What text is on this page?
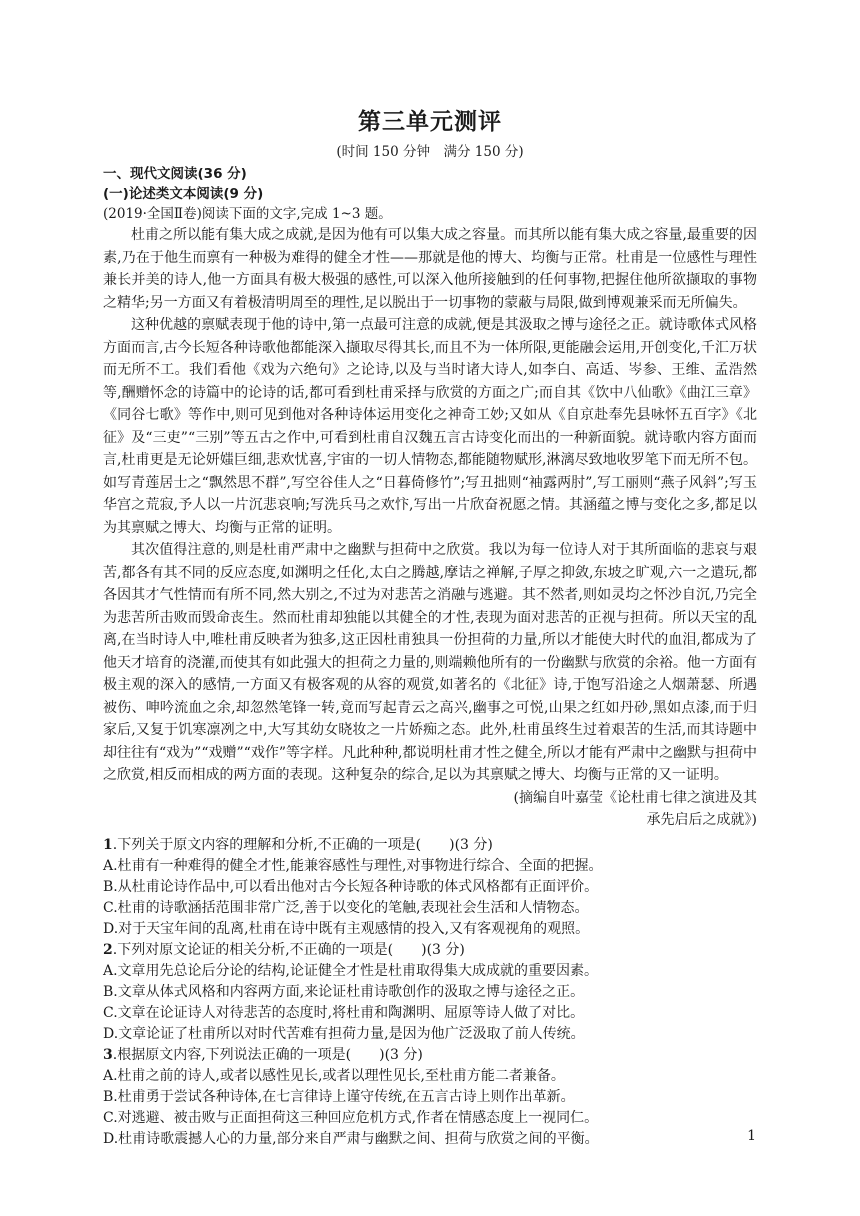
第三单元测评
(时间 150 分钟　满分 150 分)
一、现代文阅读(36 分)
(一)论述类文本阅读(9 分)
(2019·全国Ⅱ卷)阅读下面的文字,完成 1~3 题。

杜甫之所以能有集大成之成就,是因为他有可以集大成之容量。而其所以能有集大成之容量,最重要的因素,乃在于他生而禀有一种极为难得的健全才性——那就是他的博大、均衡与正常。杜甫是一位感性与理性兼长并美的诗人,他一方面具有极大极强的感性,可以深入他所接触到的任何事物,把握住他所欲撷取的事物之精华;另一方面又有着极清明周至的理性,足以脱出于一切事物的蒙蔽与局限,做到博观兼采而无所偏失。

这种优越的禀赋表现于他的诗中,第一点最可注意的成就,便是其汲取之博与途径之正。就诗歌体式风格方面而言,古今长短各种诗歌他都能深入撷取尽得其长,而且不为一体所限,更能融会运用,开创变化,千汇万状而无所不工。我们看他《戏为六绝句》之论诗,以及与当时诸大诗人,如李白、高适、岑参、王维、孟浩然等,酬赠怀念的诗篇中的论诗的话,都可看到杜甫采择与欣赏的方面之广;而自其《饮中八仙歌》《曲江三章》《同谷七歌》等作中,则可见到他对各种诗体运用变化之神奇工妙;又如从《自京赴奉先县咏怀五百字》《北征》及“三吏”“三别”等五古之作中,可看到杜甫自汉魏五言古诗变化而出的一种新面貌。就诗歌内容方面而言,杜甫更是无论妍媸巨细,悲欢忧喜,宇宙的一切人情物态,都能随物赋形,淋漓尽致地收罗笔下而无所不包。如写青莲居士之“飘然思不群”,写空谷佳人之“日暮倚修竹”;写丑拙则“袖露两肘”,写工丽则“燕子风斜”;写玉华宫之荒寂,予人以一片沉悲哀响;写洗兵马之欢忭,写出一片欣奋祝愿之情。其涵蕴之博与变化之多,都足以为其禀赋之博大、均衡与正常的证明。

其次值得注意的,则是杜甫严肃中之幽默与担荷中之欣赏。我以为每一位诗人对于其所面临的悲哀与艰苦,都各有其不同的反应态度,如渊明之任化,太白之腾越,摩诘之禅解,子厚之抑敛,东坡之旷观,六一之遣玩,都各因其才气性情而有所不同,然大别之,不过为对悲苦之消融与逃避。其不然者,则如灵均之怀沙自沉,乃完全为悲苦所击败而毁命丧生。然而杜甫却独能以其健全的才性,表现为面对悲苦的正视与担荷。所以天宝的乱离,在当时诗人中,唯杜甫反映者为独多,这正因杜甫独具一份担荷的力量,所以才能使大时代的血泪,都成为了他天才培育的浇灌,而使其有如此强大的担荷之力量的,则端赖他所有的一份幽默与欣赏的余裕。他一方面有极主观的深入的感情,一方面又有极客观的从容的观赏,如著名的《北征》诗,于饱写沿途之人烟萧瑟、所遇被伤、呻吟流血之余,却忽然笔锋一转,竟而写起青云之高兴,幽事之可悦,山果之红如丹砂,黑如点漆,而于归家后,又复于饥寒凛冽之中,大写其幼女晓妆之一片娇痴之态。此外,杜甫虽终生过着艰苦的生活,而其诗题中却往往有“戏为”“戏赠”“戏作”等字样。凡此种种,都说明杜甫才性之健全,所以才能有严肃中之幽默与担荷中之欣赏,相反而相成的两方面的表现。这种复杂的综合,足以为其禀赋之博大、均衡与正常的又一证明。

(摘编自叶嘉莹《论杜甫七律之演进及其
承先启后之成就》)
1.下列关于原文内容的理解和分析,不正确的一项是(　　)(3 分)
A.杜甫有一种难得的健全才性,能兼容感性与理性,对事物进行综合、全面的把握。
B.从杜甫论诗作品中,可以看出他对古今长短各种诗歌的体式风格都有正面评价。
C.杜甫的诗歌涵括范围非常广泛,善于以变化的笔触,表现社会生活和人情物态。
D.对于天宝年间的乱离,杜甫在诗中既有主观感情的投入,又有客观视角的观照。
2.下列对原文论证的相关分析,不正确的一项是(　　)(3 分)
A.文章用先总论后分论的结构,论证健全才性是杜甫取得集大成成就的重要因素。
B.文章从体式风格和内容两方面,来论证杜甫诗歌创作的汲取之博与途径之正。
C.文章在论证诗人对待悲苦的态度时,将杜甫和陶渊明、屈原等诗人做了对比。
D.文章论证了杜甫所以对时代苦难有担荷力量,是因为他广泛汲取了前人传统。
3.根据原文内容,下列说法正确的一项是(　　)(3 分)
A.杜甫之前的诗人,或者以感性见长,或者以理性见长,至杜甫方能二者兼备。
B.杜甫勇于尝试各种诗体,在七言律诗上谨守传统,在五言古诗上则作出革新。
C.对逃避、被击败与正面担荷这三种回应危机方式,作者在情感态度上一视同仁。
D.杜甫诗歌震撼人心的力量,部分来自严肃与幽默之间、担荷与欣赏之间的平衡。	1
